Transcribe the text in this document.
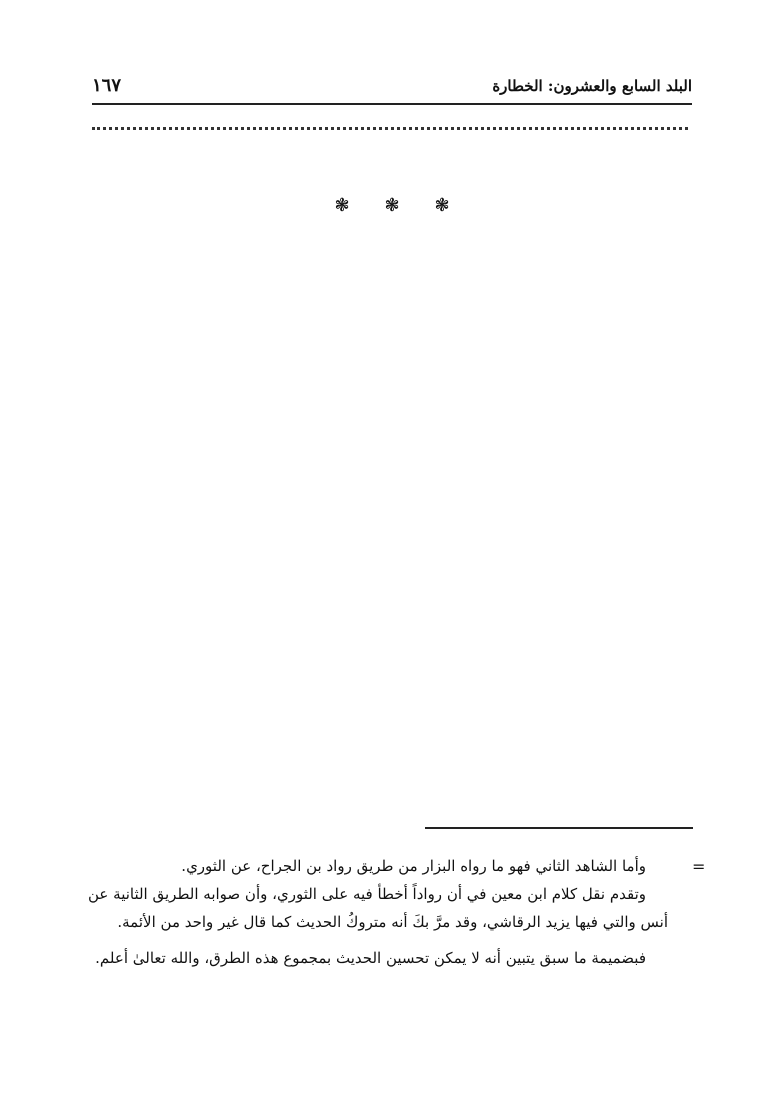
١٦٧	البلد السابع والعشرون: الخطارة
❃ ❃ ❃
=

وأما الشاهد الثاني فهو ما رواه البزار من طريق رواد بن الجراح، عن الثوري.

وتقدم نقل كلام ابن معين في أن رواداً أخطأ فيه على الثوري، وأن صوابه الطريق الثانية عن أنس والتي فيها يزيد الرقاشي، وقد مرَّ بكَ أنه متروكُ الحديث كما قال غير واحد من الأئمة.

فبضميمة ما سبق يتبين أنه لا يمكن تحسين الحديث بمجموع هذه الطرق، والله تعالىٰ أعلم.
